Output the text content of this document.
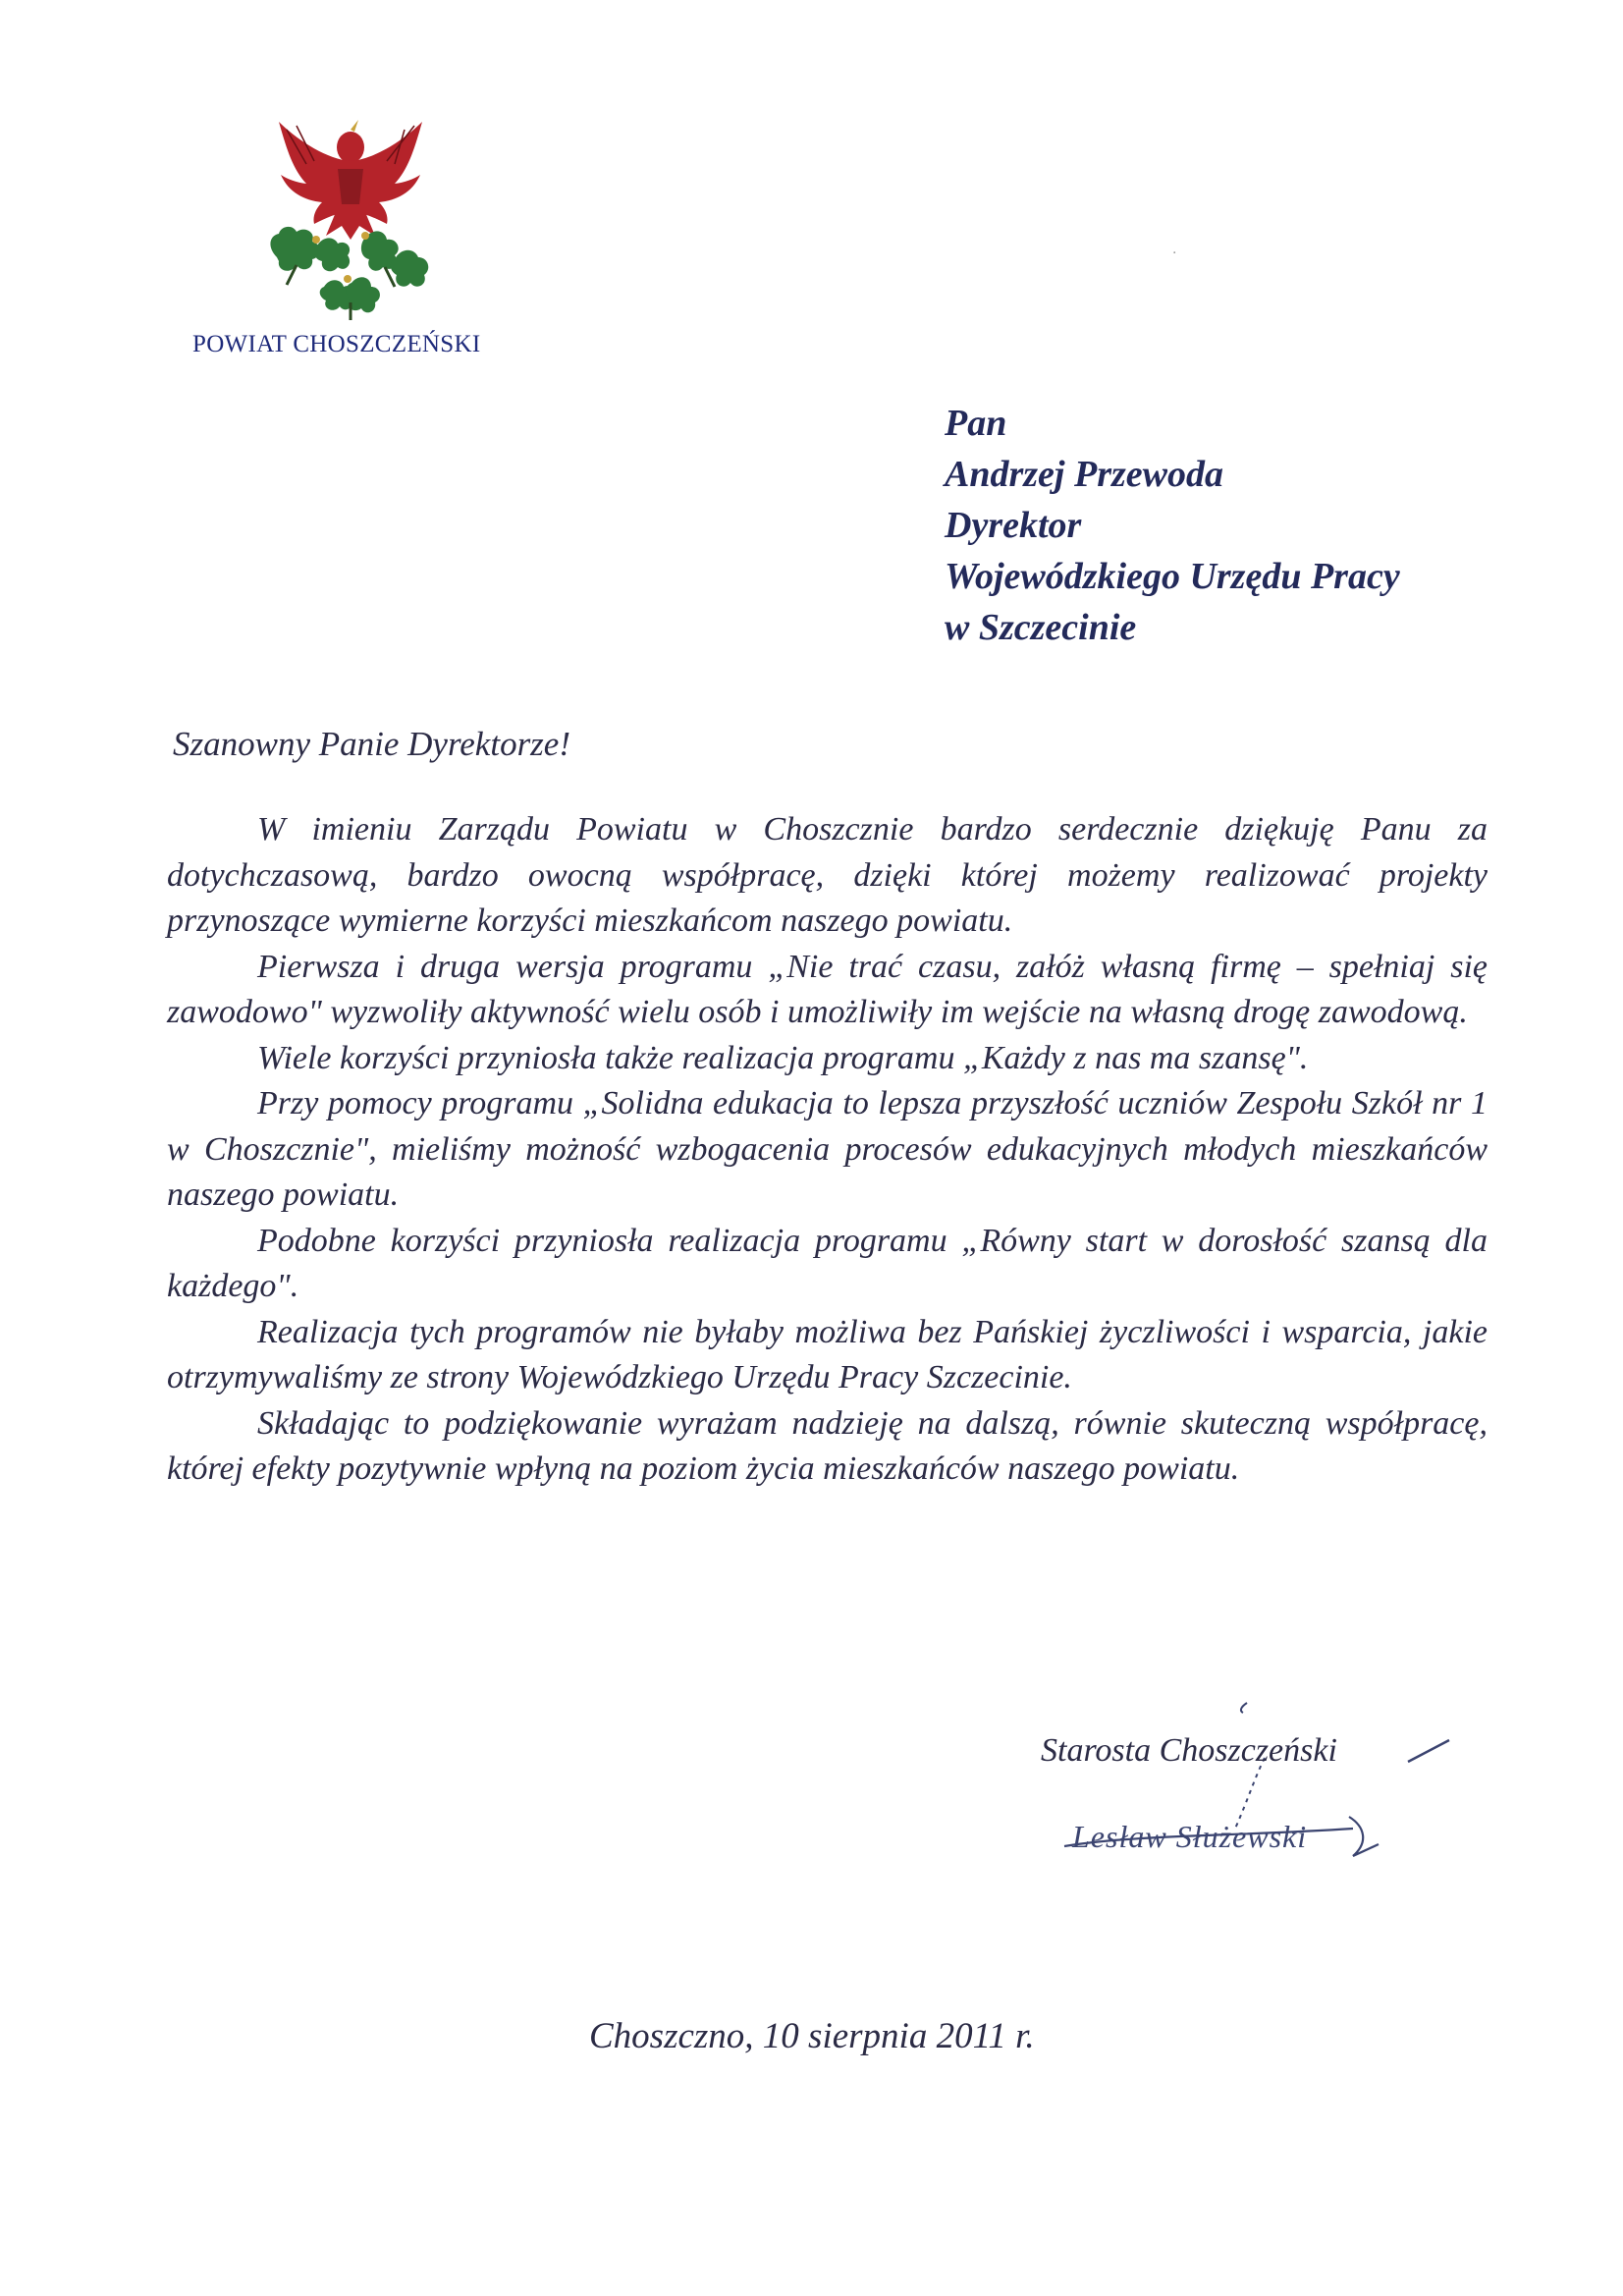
POWIAT CHOSZCZEŃSKI
·
Pan
Andrzej Przewoda
Dyrektor
Wojewódzkiego Urzędu Pracy
w Szczecinie
Szanowny Panie Dyrektorze!

W imieniu Zarządu Powiatu w Choszcznie bardzo serdecznie dziękuję Panu za dotychczasową, bardzo owocną współpracę, dzięki której możemy realizować projekty przynoszące wymierne korzyści mieszkańcom naszego powiatu.

Pierwsza i druga wersja programu „Nie trać czasu, załóż własną firmę – spełniaj się zawodowo" wyzwoliły aktywność wielu osób i umożliwiły im wejście na własną drogę zawodową.

Wiele korzyści przyniosła także realizacja programu „Każdy z nas ma szansę".

Przy pomocy programu „Solidna edukacja to lepsza przyszłość uczniów Zespołu Szkół nr 1 w Choszcznie", mieliśmy możność wzbogacenia procesów edukacyjnych młodych mieszkańców naszego powiatu.

Podobne korzyści przyniosła realizacja programu „Równy start w dorosłość szansą dla każdego".

Realizacja tych programów nie byłaby możliwa bez Pańskiej życzliwości i wsparcia, jakie otrzymywaliśmy ze strony Wojewódzkiego Urzędu Pracy Szczecinie.

Składając to podziękowanie wyrażam nadzieję na dalszą, równie skuteczną współpracę, której efekty pozytywnie wpłyną na poziom życia mieszkańców naszego powiatu.

Starosta Choszczeński
Lesław Służewski
Choszczno, 10 sierpnia 2011 r.
